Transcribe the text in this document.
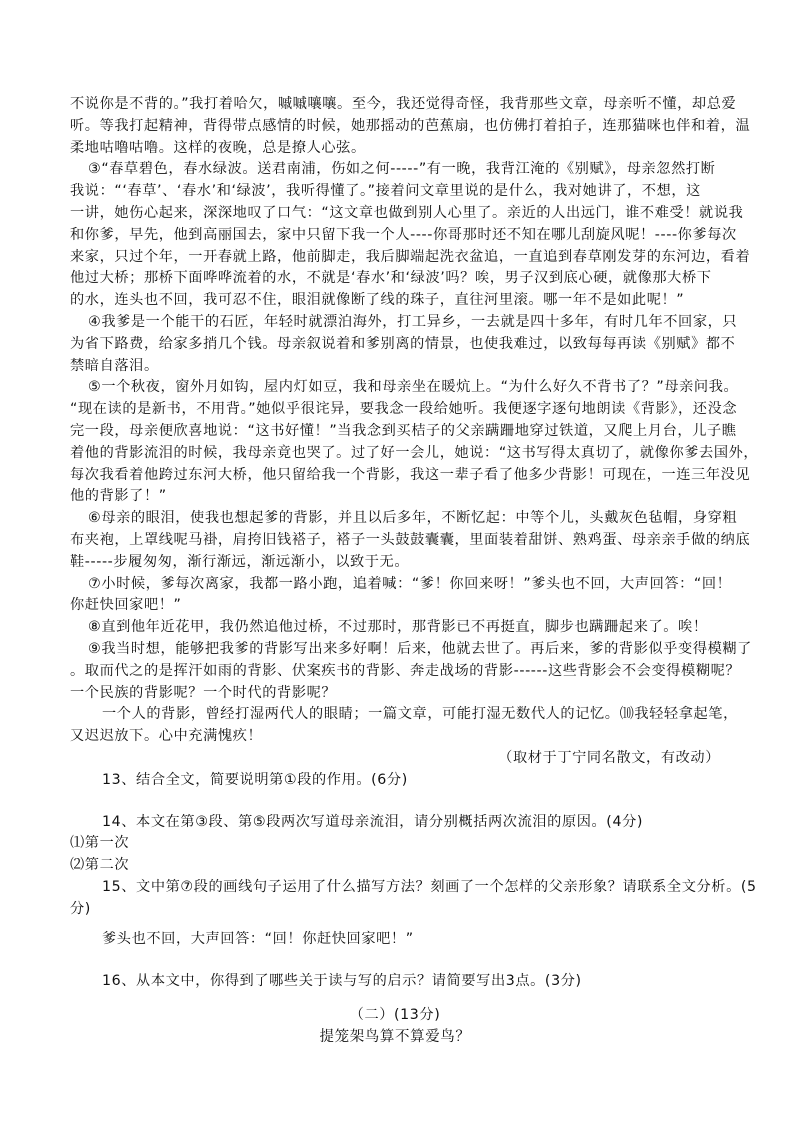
不说你是不背的。”我打着哈欠，嘁嘁嚷嚷。至今，我还觉得奇怪，我背那些文章，母亲听不懂，却总爱

听。等我打起精神，背得带点感情的时候，她那摇动的芭蕉扇，也仿佛打着拍子，连那猫咪也伴和着，温

柔地咕噜咕噜。这样的夜晚，总是撩人心弦。

③“春草碧色，春水绿波。送君南浦，伤如之何-----”有一晚，我背江淹的《别赋》，母亲忽然打断

我说：“‘春草’、‘春水’和‘绿波’，我听得懂了。”接着问文章里说的是什么，我对她讲了，不想，这

一讲，她伤心起来，深深地叹了口气：“这文章也做到别人心里了。亲近的人出远门，谁不难受！就说我

和你爹，早先，他到高丽国去，家中只留下我一个人----你哥那时还不知在哪儿刮旋风呢！----你爹每次

来家，只过个年，一开春就上路，他前脚走，我后脚端起洗衣盆追，一直追到春草刚发芽的东河边，看着

他过大桥；那桥下面哗哗流着的水，不就是‘春水’和‘绿波’吗？唉，男子汉到底心硬，就像那大桥下

的水，连头也不回，我可忍不住，眼泪就像断了线的珠子，直往河里滚。哪一年不是如此呢！”

④我爹是一个能干的石匠，年轻时就漂泊海外，打工异乡，一去就是四十多年，有时几年不回家，只

为省下路费，给家多捎几个钱。母亲叙说着和爹别离的情景，也使我难过，以致每每再读《别赋》都不

禁暗自落泪。

⑤一个秋夜，窗外月如钩，屋内灯如豆，我和母亲坐在暖炕上。“为什么好久不背书了？”母亲问我。

“现在读的是新书，不用背。”她似乎很诧异，要我念一段给她听。我便逐字逐句地朗读《背影》，还没念

完一段，母亲便欣喜地说：“这书好懂！”当我念到买桔子的父亲蹒跚地穿过铁道，又爬上月台，儿子瞧

着他的背影流泪的时候，我母亲竟也哭了。过了好一会儿，她说：“这书写得太真切了，就像你爹去国外，

每次我看着他跨过东河大桥，他只留给我一个背影，我这一辈子看了他多少背影！可现在，一连三年没见

他的背影了！”

⑥母亲的眼泪，使我也想起爹的背影，并且以后多年，不断忆起：中等个儿，头戴灰色毡帽，身穿粗

布夹袍，上罩线呢马褂，肩挎旧钱褡子，褡子一头鼓鼓囊囊，里面装着甜饼、熟鸡蛋、母亲亲手做的纳底

鞋-----步履匆匆，渐行渐远，渐远渐小，以致于无。

⑦小时候，爹每次离家，我都一路小跑，追着喊：“爹！你回来呀！”爹头也不回，大声回答：“回！

你赶快回家吧！”

⑧直到他年近花甲，我仍然追他过桥，不过那时，那背影已不再挺直，脚步也蹒跚起来了。唉！

⑨我当时想，能够把我爹的背影写出来多好啊！后来，他就去世了。再后来，爹的背影似乎变得模糊了

。取而代之的是挥汗如雨的背影、伏案疾书的背影、奔走战场的背影------这些背影会不会变得模糊呢？

一个民族的背影呢？一个时代的背影呢？

一个人的背影，曾经打湿两代人的眼睛；一篇文章，可能打湿无数代人的记忆。⑽我轻轻拿起笔，

又迟迟放下。心中充满愧疚！

（取材于丁宁同名散文，有改动）

13、结合全文，简要说明第①段的作用。(6分)

14、本文在第③段、第⑤段两次写道母亲流泪，请分别概括两次流泪的原因。(4分)

⑴第一次

⑵第二次

15、文中第⑦段的画线句子运用了什么描写方法？刻画了一个怎样的父亲形象？请联系全文分析。(5

分)

爹头也不回，大声回答：“回！你赶快回家吧！”

16、从本文中，你得到了哪些关于读与写的启示？请简要写出3点。(3分)

（二）(13分)

提笼架鸟算不算爱鸟？
